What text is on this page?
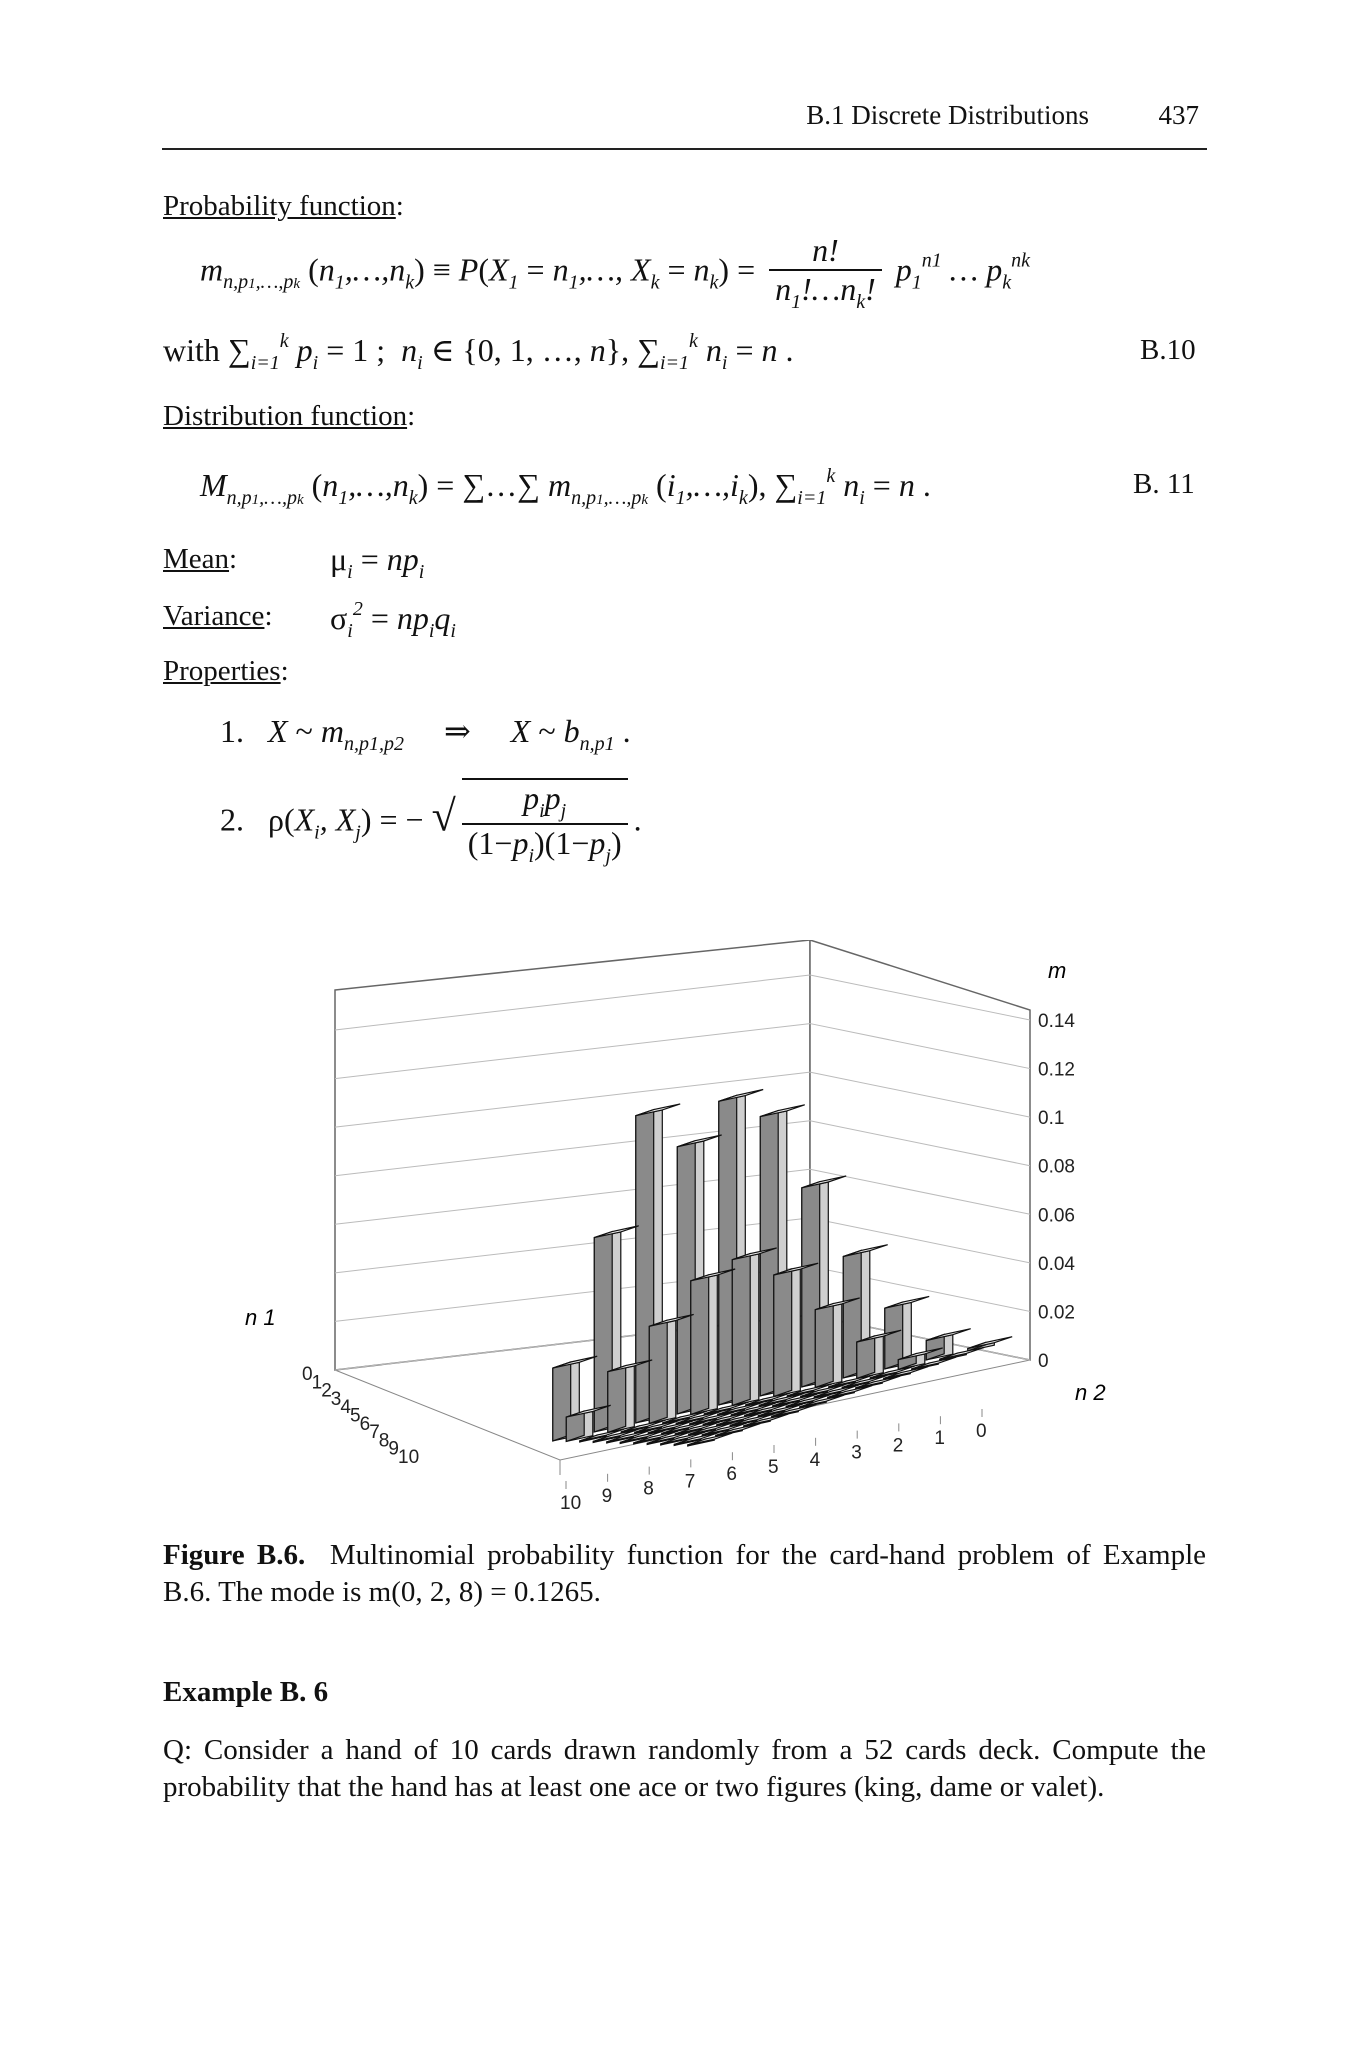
B.1 Discrete Distributions	437
Probability function:
$m_{n,p1,\dots,pk}$ $(n_1,\dots,n_k) \equiv P(X_1$ = $n_1,\dots$, $X_k = n_k) = \frac{n!}{n_1!\dots n_k!} p_1^{n1}$ … $p_k^{nk}$
with $\sum_{i=1}^k$ $p_i = 1$ ;  $n_i$ ∈ {0, 1, …, n}, $\sum_{i=1}^k$ $n_i = n$ .	B.10
Distribution function:
$M_{n,p1,\dots,pk}$ $(n_1,\dots,n_k)$ = ∑…∑ $m_{n,p1,\dots,pk}$ $(i_1,\dots,i_k)$, $\sum_{i=1}^k$ $n_i = n$ .	B. 11
Mean:	$\mu_i = np_i$
Variance: $\sigma_i^2 = np_iq_i$
Properties:
1.   X ~ $m_{n,p1,p2}$     ⇒     X ~ $b_{n,p1}$ .
2. $\rho(X_i$, $X_j$) = − √ $\frac{p_ip_j}{(1-p_i)(1-p_j)}$ .
0
0.02
0.04
0.06
0.08
0.1
0.12
0.14
10 9 8 7 6 5 4 3 2 1 0
0 1 2 3 4 5 6 7 8 9 10
m
n 2
n 1
Figure B.6. Multinomial probability function for the card-hand problem of Example B.6. The mode is m(0, 2, 8) = 0.1265.
Example B. 6
Q: Consider a hand of 10 cards drawn randomly from a 52 cards deck. Compute the probability that the hand has at least one ace or two figures (king, dame or valet).
